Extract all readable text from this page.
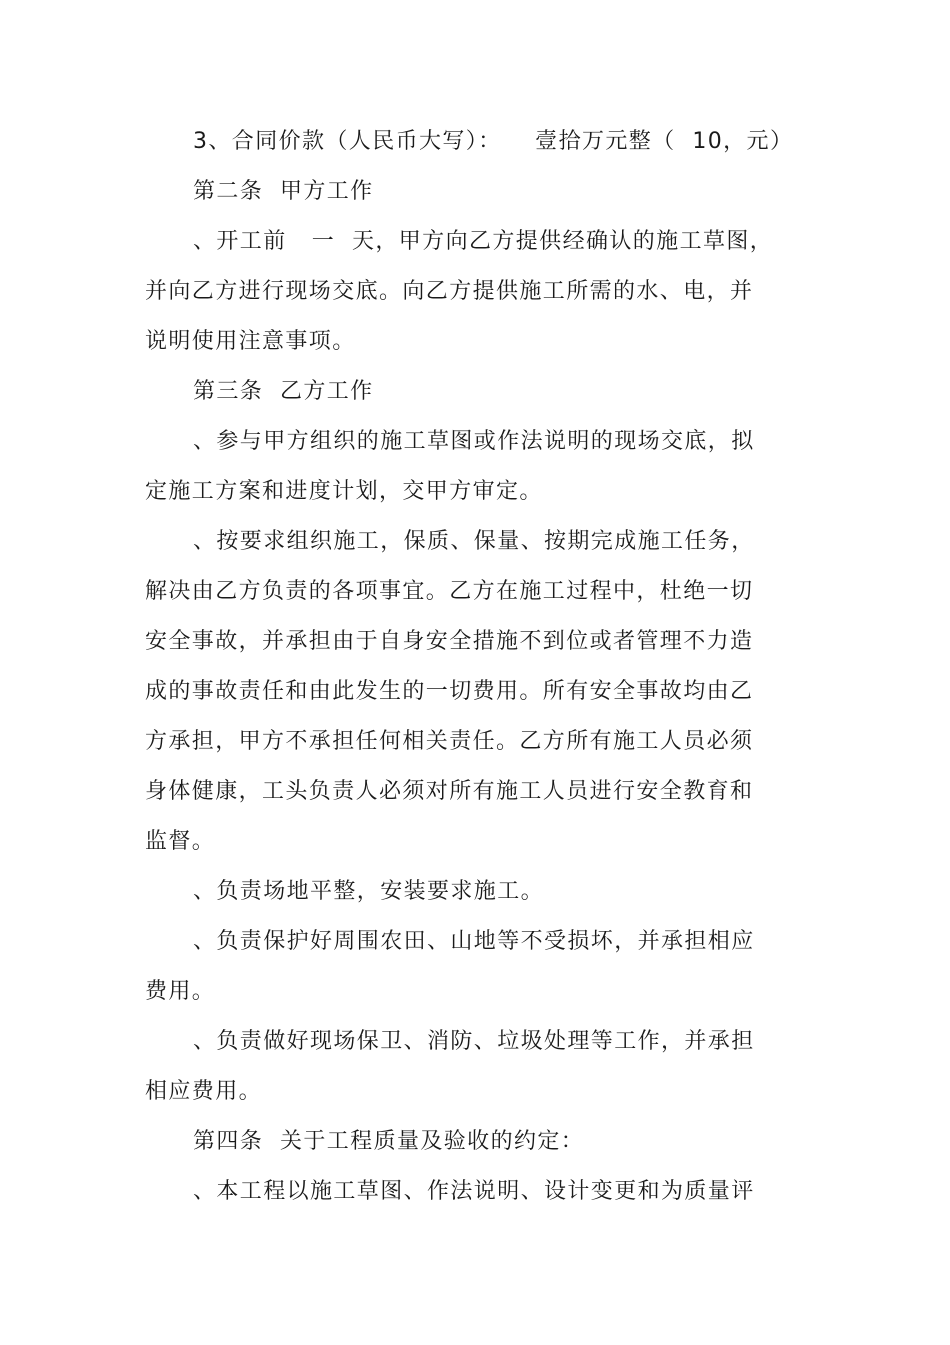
3、合同价款（人民币大写）：    壹拾万元整（  10，元）
第二条  甲方工作
、开工前   一  天，甲方向乙方提供经确认的施工草图，
并向乙方进行现场交底。向乙方提供施工所需的水、电，并
说明使用注意事项。
第三条  乙方工作
、参与甲方组织的施工草图或作法说明的现场交底，拟
定施工方案和进度计划，交甲方审定。
、按要求组织施工，保质、保量、按期完成施工任务，
解决由乙方负责的各项事宜。乙方在施工过程中，杜绝一切
安全事故，并承担由于自身安全措施不到位或者管理不力造
成的事故责任和由此发生的一切费用。所有安全事故均由乙
方承担，甲方不承担任何相关责任。乙方所有施工人员必须
身体健康，工头负责人必须对所有施工人员进行安全教育和
监督。
、负责场地平整，安装要求施工。
、负责保护好周围农田、山地等不受损坏，并承担相应
费用。
、负责做好现场保卫、消防、垃圾处理等工作，并承担
相应费用。
第四条  关于工程质量及验收的约定：
、本工程以施工草图、作法说明、设计变更和为质量评
